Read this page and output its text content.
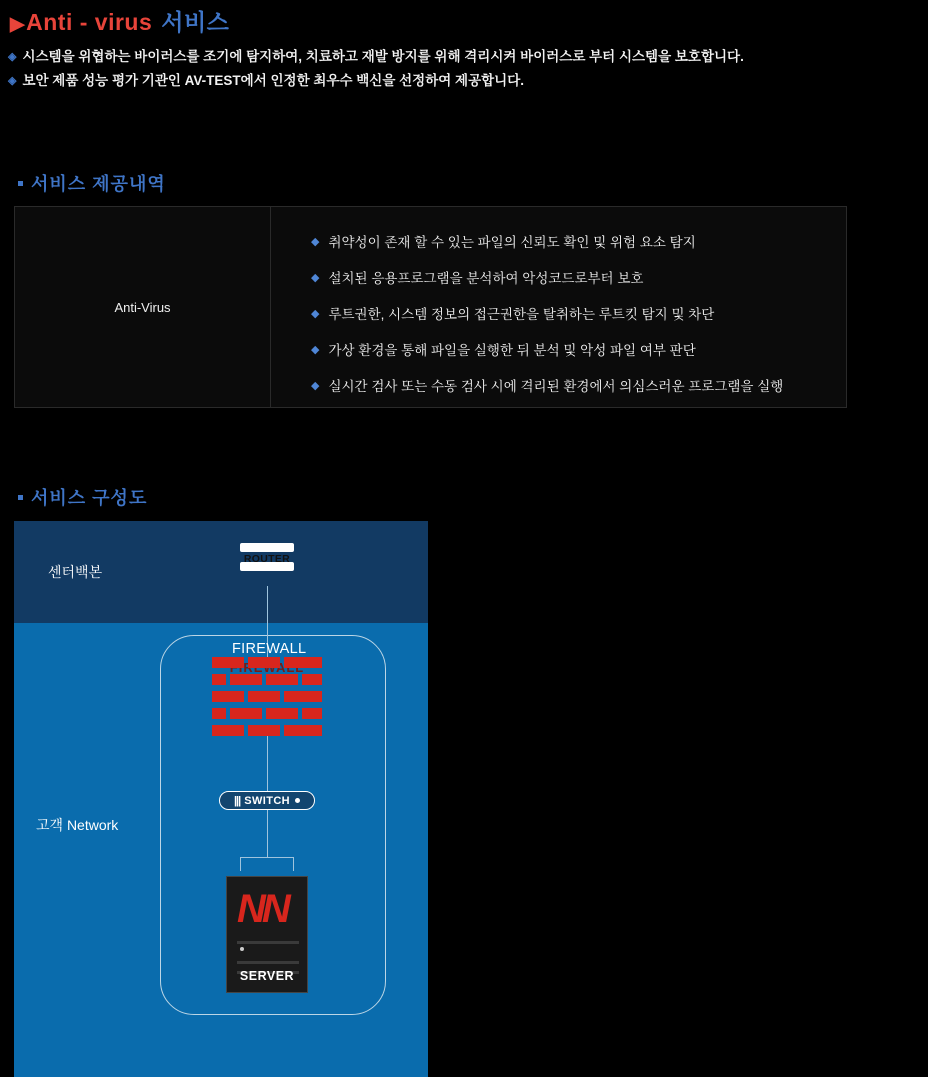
▶ Anti - virus 서비스
◈ 시스템을 위협하는 바이러스를 조기에 탐지하여, 치료하고 재발 방지를 위해 격리시켜 바이러스로 부터 시스템을 보호합니다.
◈ 보안 제품 성능 평가 기관인 AV-TEST에서 인정한 최우수 백신을 선정하여 제공합니다.
서비스 제공내역
Anti-Virus
◆ 취약성이 존재 할 수 있는 파일의 신뢰도 확인 및 위험 요소 탐지
◆ 설치된 응용프로그램을 분석하여 악성코드로부터 보호
◆ 루트권한, 시스템 정보의 접근권한을 탈취하는 루트킷 탐지 및 차단
◆ 가상 환경을 통해 파일을 실행한 뒤 분석 및 악성 파일 여부 판단
◆ 실시간 검사 또는 수동 검사 시에 격리된 환경에서 의심스러운 프로그램을 실행
서비스 구성도
센터백본
고객 Network
ROUTER
FIREWALL
||| SWITCH
NN
SERVER
